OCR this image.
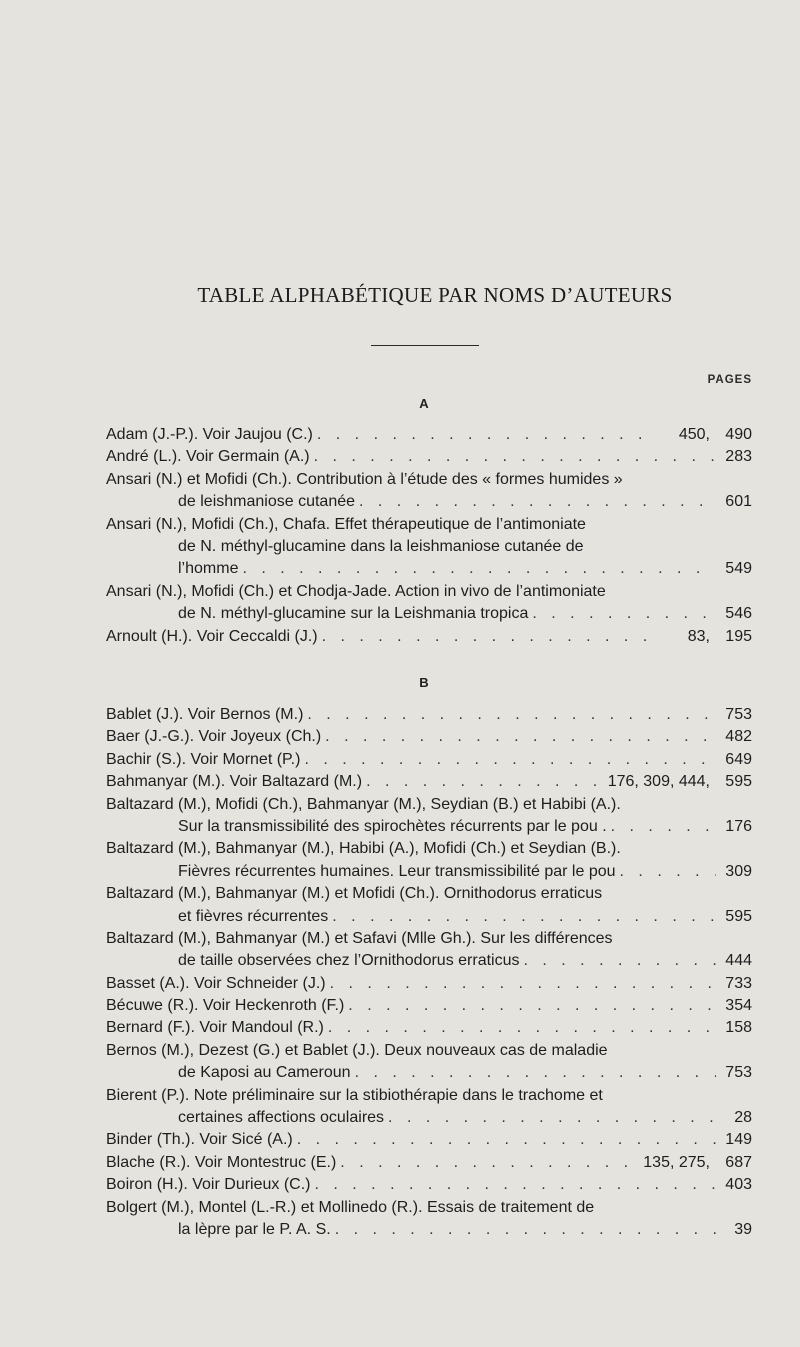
TABLE ALPHABÉTIQUE PAR NOMS D’AUTEURS
PAGES
A
Adam (J.-P.). Voir Jaujou (C.) . . .	450, 490
André (L.). Voir Germain (A.) . . .	283
Ansari (N.) et Mofidi (Ch.). Contribution à l’étude des « formes humides »
de leishmaniose cutanée . . .	601
Ansari (N.), Mofidi (Ch.), Chafa. Effet thérapeutique de l’antimoniate
de N. méthyl-glucamine dans la leishmaniose cutanée de
l’homme . . .	549
Ansari (N.), Mofidi (Ch.) et Chodja-Jade. Action in vivo de l’antimoniate
de N. méthyl-glucamine sur la Leishmania tropica . . .	546
Arnoult (H.). Voir Ceccaldi (J.) . . .	83, 195
B
Bablet (J.). Voir Bernos (M.) . . .	753
Baer (J.-G.). Voir Joyeux (Ch.) . . .	482
Bachir (S.). Voir Mornet (P.) . . .	649
Bahmanyar (M.). Voir Baltazard (M.) . . .	176, 309, 444, 595
Baltazard (M.), Mofidi (Ch.), Bahmanyar (M.), Seydian (B.) et Habibi (A.).
Sur la transmissibilité des spirochètes récurrents par le pou . . . .	176
Baltazard (M.), Bahmanyar (M.), Habibi (A.), Mofidi (Ch.) et Seydian (B.).
Fièvres récurrentes humaines. Leur transmissibilité par le pou . . .	309
Baltazard (M.), Bahmanyar (M.) et Mofidi (Ch.). Ornithodorus erraticus
et fièvres récurrentes . . .	595
Baltazard (M.), Bahmanyar (M.) et Safavi (Mlle Gh.). Sur les différences
de taille observées chez l’Ornithodorus erraticus . . .	444
Basset (A.). Voir Schneider (J.) . . .	733
Bécuwe (R.). Voir Heckenroth (F.) . . .	354
Bernard (F.). Voir Mandoul (R.) . . .	158
Bernos (M.), Dezest (G.) et Bablet (J.). Deux nouveaux cas de maladie
de Kaposi au Cameroun . . .	753
Bierent (P.). Note préliminaire sur la stibiothérapie dans le trachome et
certaines affections oculaires . . .	28
Binder (Th.). Voir Sicé (A.) . . .	149
Blache (R.). Voir Montestruc (E.) . . .	135, 275, 687
Boiron (H.). Voir Durieux (C.) . . .	403
Bolgert (M.), Montel (L.-R.) et Mollinedo (R.). Essais de traitement de
la lèpre par le P. A. S. . . .	39
